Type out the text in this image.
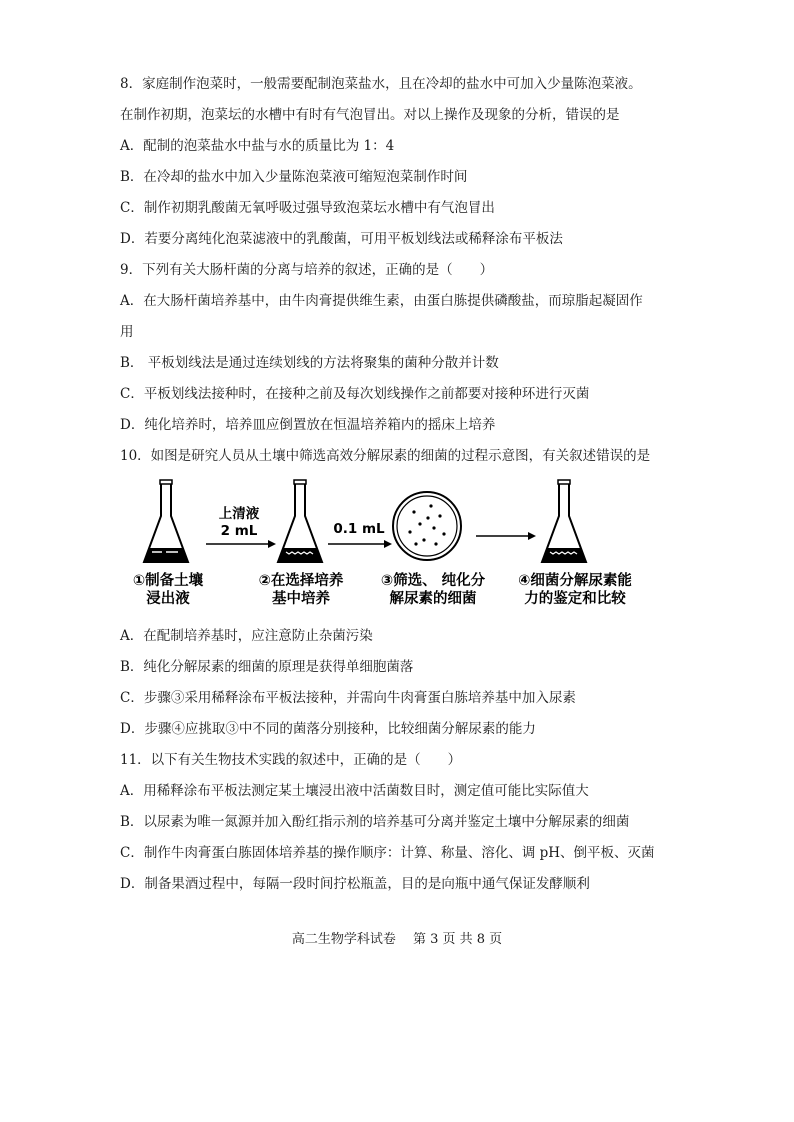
8．家庭制作泡菜时，一般需要配制泡菜盐水，且在冷却的盐水中可加入少量陈泡菜液。
在制作初期，泡菜坛的水槽中有时有气泡冒出。对以上操作及现象的分析，错误的是
A．配制的泡菜盐水中盐与水的质量比为 1：4
B．在冷却的盐水中加入少量陈泡菜液可缩短泡菜制作时间
C．制作初期乳酸菌无氧呼吸过强导致泡菜坛水槽中有气泡冒出
D．若要分离纯化泡菜滤液中的乳酸菌，可用平板划线法或稀释涂布平板法
9．下列有关大肠杆菌的分离与培养的叙述，正确的是（　　）
A．在大肠杆菌培养基中，由牛肉膏提供维生素，由蛋白胨提供磷酸盐，而琼脂起凝固作
用
B． 平板划线法是通过连续划线的方法将聚集的菌种分散并计数
C．平板划线法接种时，在接种之前及每次划线操作之前都要对接种环进行灭菌
D．纯化培养时，培养皿应倒置放在恒温培养箱内的摇床上培养
10．如图是研究人员从土壤中筛选高效分解尿素的细菌的过程示意图，有关叙述错误的是
上清液
2 mL	0.1 mL
①制备土壤
浸出液
②在选择培养
基中培养
③筛选、 纯化分
解尿素的细菌
④细菌分解尿素能
力的鉴定和比较
A．在配制培养基时，应注意防止杂菌污染
B．纯化分解尿素的细菌的原理是获得单细胞菌落
C．步骤③采用稀释涂布平板法接种，并需向牛肉膏蛋白胨培养基中加入尿素
D．步骤④应挑取③中不同的菌落分别接种，比较细菌分解尿素的能力
11．以下有关生物技术实践的叙述中，正确的是（　　）
A．用稀释涂布平板法测定某土壤浸出液中活菌数目时，测定值可能比实际值大
B．以尿素为唯一氮源并加入酚红指示剂的培养基可分离并鉴定土壤中分解尿素的细菌
C．制作牛肉膏蛋白胨固体培养基的操作顺序：计算、称量、溶化、调 pH、倒平板、灭菌
D．制备果酒过程中，每隔一段时间拧松瓶盖，目的是向瓶中通气保证发酵顺利
高二生物学科试卷　 第 3 页 共 8 页
